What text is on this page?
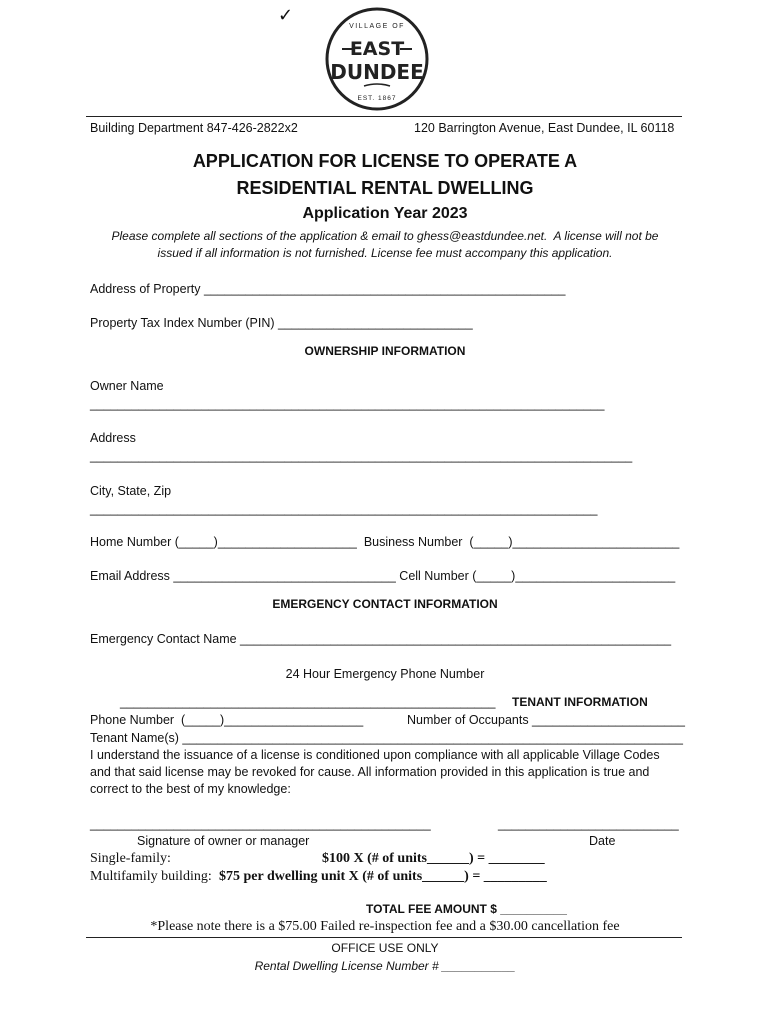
✓
VILLAGE OF
EAST
DUNDEE
EST. 1867
Building Department 847-426-2822x2	120 Barrington Avenue, East Dundee, IL 60118
APPLICATION FOR LICENSE TO OPERATE A
RESIDENTIAL RENTAL DWELLING
Application Year 2023
Please complete all sections of the application & email to ghess@eastdundee.net.  A license will not be
issued if all information is not furnished. License fee must accompany this application.
Address of Property ____________________________________________________
Property Tax Index Number (PIN) ____________________________
OWNERSHIP INFORMATION
Owner Name
__________________________________________________________________________
Address
______________________________________________________________________________
City, State, Zip
_________________________________________________________________________
Home Number (_____)____________________  Business Number  (_____)________________________
Email Address ________________________________ Cell Number (_____)_______________________
EMERGENCY CONTACT INFORMATION
Emergency Contact Name ______________________________________________________________
24 Hour Emergency Phone Number
______________________________________________________ TENANT INFORMATION
Phone Number  (_____)____________________	Number of Occupants ______________________
Tenant Name(s) ________________________________________________________________________
I understand the issuance of a license is conditioned upon compliance with all applicable Village Codes
and that said license may be revoked for cause. All information provided in this application is true and
correct to the best of my knowledge:
_________________________________________________	__________________________
Signature of owner or manager	Date
Single-family:	$100 X (# of units______) = ________
Multifamily building: $75 per dwelling unit X (# of units______) = _________
TOTAL FEE AMOUNT $ __________
*Please note there is a $75.00 Failed re-inspection fee and a $30.00 cancellation fee
OFFICE USE ONLY
Rental Dwelling License Number # ___________
